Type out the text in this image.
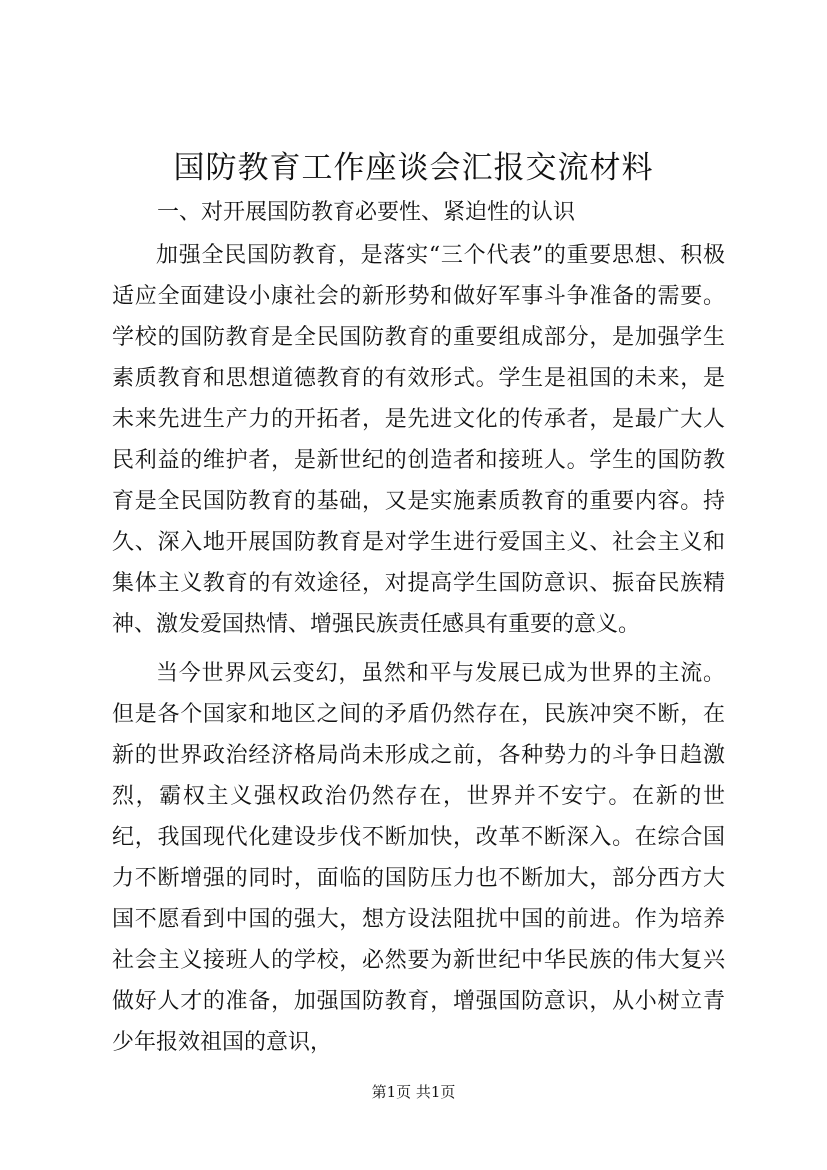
国防教育工作座谈会汇报交流材料

一、对开展国防教育必要性、紧迫性的认识

加强全民国防教育，是落实“三个代表”的重要思想、积极适应全面建设小康社会的新形势和做好军事斗争准备的需要。学校的国防教育是全民国防教育的重要组成部分，是加强学生素质教育和思想道德教育的有效形式。学生是祖国的未来，是未来先进生产力的开拓者，是先进文化的传承者，是最广大人民利益的维护者，是新世纪的创造者和接班人。学生的国防教育是全民国防教育的基础，又是实施素质教育的重要内容。持久、深入地开展国防教育是对学生进行爱国主义、社会主义和集体主义教育的有效途径，对提高学生国防意识、振奋民族精神、激发爱国热情、增强民族责任感具有重要的意义。

当今世界风云变幻，虽然和平与发展已成为世界的主流。但是各个国家和地区之间的矛盾仍然存在，民族冲突不断，在新的世界政治经济格局尚未形成之前，各种势力的斗争日趋激烈，霸权主义强权政治仍然存在，世界并不安宁。在新的世纪，我国现代化建设步伐不断加快，改革不断深入。在综合国力不断增强的同时，面临的国防压力也不断加大，部分西方大国不愿看到中国的强大，想方设法阻扰中国的前进。作为培养社会主义接班人的学校，必然要为新世纪中华民族的伟大复兴做好人才的准备，加强国防教育，增强国防意识，从小树立青少年报效祖国的意识，

第1页 共1页
